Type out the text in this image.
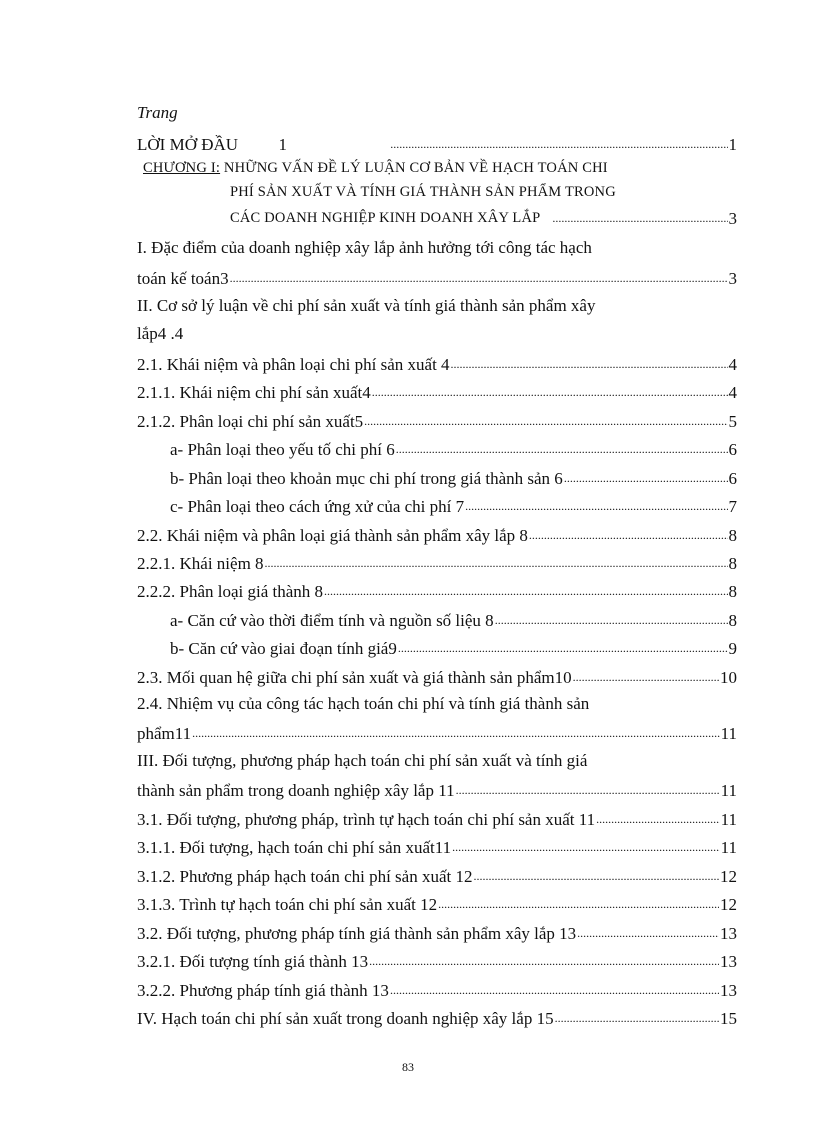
Trang
LỜI MỞ ĐẦU 1 .....	1
CHƯƠNG I: NHỮNG VẤN ĐỀ LÝ LUẬN CƠ BẢN VỀ HẠCH TOÁN CHI
PHÍ SẢN XUẤT VÀ TÍNH GIÁ THÀNH SẢN PHẨM TRONG
CÁC DOANH NGHIỆP KINH DOANH XÂY LẮP .....	3
I. Đặc điểm của doanh nghiệp xây lắp ảnh hưởng tới công tác hạch
toán kế toán3 .....	3
II. Cơ sở lý luận về chi phí sản xuất và tính giá thành sản phẩm xây
lắp4 .4
2.1. Khái niệm và phân loại chi phí sản xuất 4 .....	4
2.1.1. Khái niệm chi phí sản xuất4 .....	4
2.1.2. Phân loại chi phí sản xuất5 .....	5
a- Phân loại theo yếu tố chi phí 6 .....	6
b- Phân loại theo khoản mục chi phí trong giá thành sản 6 .....	6
c- Phân loại theo cách ứng xử của chi phí 7 .....	7
2.2. Khái niệm và phân loại giá thành sản phẩm xây lắp 8 .....	8
2.2.1. Khái niệm 8 .....	8
2.2.2. Phân loại giá thành 8 .....	8
a- Căn cứ vào thời điểm tính và nguồn số liệu 8 .....	8
b- Căn cứ vào giai đoạn tính giá9 .....	9
2.3. Mối quan hệ giữa chi phí sản xuất và giá thành sản phẩm10 .....	10
2.4. Nhiệm vụ của công tác hạch toán chi phí và tính giá thành sản
phẩm11 .....	11
III. Đối tượng, phương pháp hạch toán chi phí sản xuất và tính giá
thành sản phẩm trong doanh nghiệp xây lắp 11 .....	11
3.1. Đối tượng, phương pháp, trình tự hạch toán chi phí sản xuất 11 .....	11
3.1.1. Đối tượng, hạch toán chi phí sản xuất11 .....	11
3.1.2. Phương pháp hạch toán chi phí sản xuất 12 .....	12
3.1.3. Trình tự hạch toán chi phí sản xuất 12 .....	12
3.2. Đối tượng, phương pháp tính giá thành sản phẩm xây lắp 13 .....	13
3.2.1. Đối tượng tính giá thành 13 .....	13
3.2.2. Phương pháp tính giá thành 13 .....	13
IV. Hạch toán chi phí sản xuất trong doanh nghiệp xây lắp 15 .....	15
83
